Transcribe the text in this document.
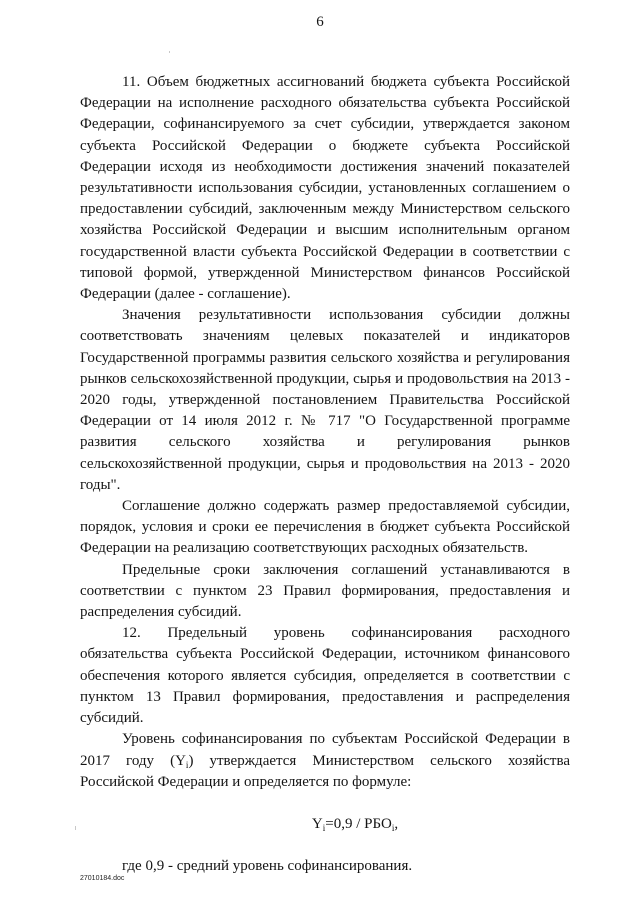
6

11. Объем бюджетных ассигнований бюджета субъекта Российской Федерации на исполнение расходного обязательства субъекта Российской Федерации, софинансируемого за счет субсидии, утверждается законом субъекта Российской Федерации о бюджете субъекта Российской Федерации исходя из необходимости достижения значений показателей результативности использования субсидии, установленных соглашением о предоставлении субсидий, заключенным между Министерством сельского хозяйства Российской Федерации и высшим исполнительным органом государственной власти субъекта Российской Федерации в соответствии с типовой формой, утвержденной Министерством финансов Российской Федерации (далее - соглашение).

Значения результативности использования субсидии должны соответствовать значениям целевых показателей и индикаторов Государственной программы развития сельского хозяйства и регулирования рынков сельскохозяйственной продукции, сырья и продовольствия на 2013 - 2020 годы, утвержденной постановлением Правительства Российской Федерации от 14 июля 2012 г. № 717 "О Государственной программе развития сельского хозяйства и регулирования рынков сельскохозяйственной продукции, сырья и продовольствия на 2013 - 2020 годы".

Соглашение должно содержать размер предоставляемой субсидии, порядок, условия и сроки ее перечисления в бюджет субъекта Российской Федерации на реализацию соответствующих расходных обязательств.

Предельные сроки заключения соглашений устанавливаются в соответствии с пунктом 23 Правил формирования, предоставления и распределения субсидий.

12. Предельный уровень софинансирования расходного обязательства субъекта Российской Федерации, источником финансового обеспечения которого является субсидия, определяется в соответствии с пунктом 13 Правил формирования, предоставления и распределения субсидий.

Уровень софинансирования по субъектам Российской Федерации в 2017 году $(Y_i)$ утверждается Министерством сельского хозяйства Российской Федерации и определяется по формуле:

$Y_i=0,9 / РБО_i$,

где 0,9 - средний уровень софинансирования.

27010184.doc
